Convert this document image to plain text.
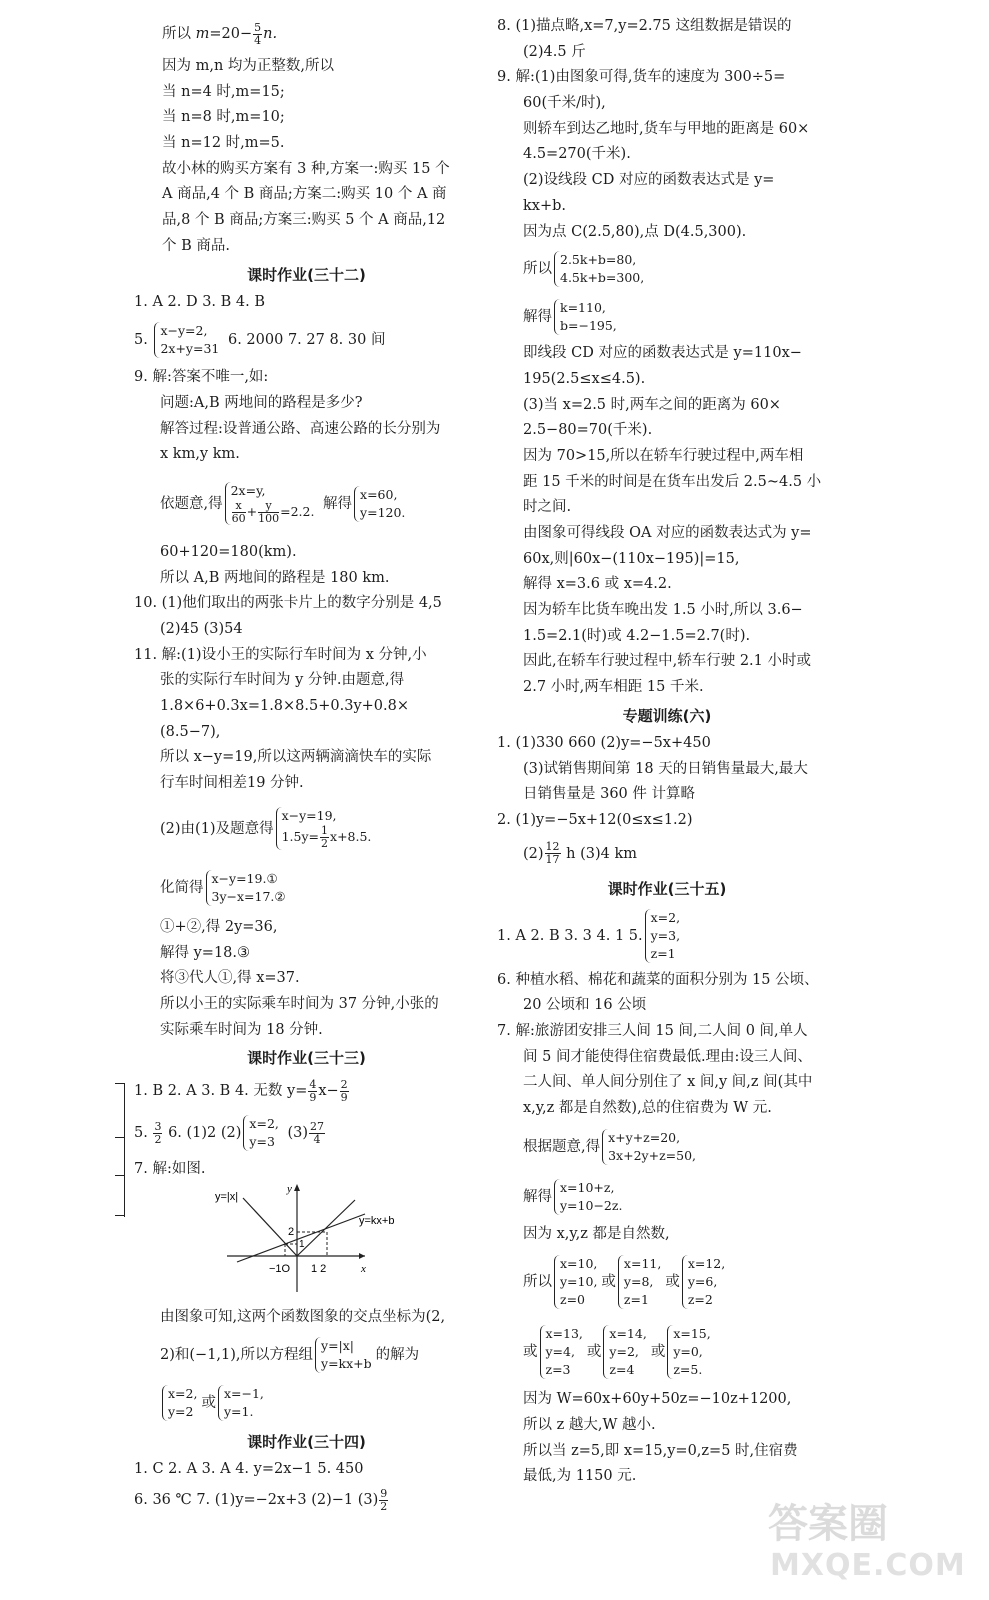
所以 $m=20- \frac{5}{4} n$.
因为 m,n 均为正整数,所以
当 n=4 时,m=15;
当 n=8 时,m=10;
当 n=12 时,m=5.
故小林的购买方案有 3 种,方案一:购买 15 个
A 商品,4 个 B 商品;方案二:购买 10 个 A 商
品,8 个 B 商品;方案三:购买 5 个 A 商品,12
个 B 商品.
课时作业(三十二)
1. A 2. D 3. B 4. B
5.
x−y=2,
2x+y=31
6. 2000 7. 27 8. 30 间
9. 解:答案不唯一,如:
问题:A,B 两地间的路程是多少?
解答过程:设普通公路、高速公路的长分别为
x km,y km.
依题意,得
2x=y,
$\frac{x}{60} + \frac{y}{100} =2.2$. 解得
x=60,
y=120.
60+120=180(km).
所以 A,B 两地间的路程是 180 km.
10. (1)他们取出的两张卡片上的数字分别是 4,5
(2)45 (3)54
11. 解:(1)设小王的实际行车时间为 x 分钟,小
张的实际行车时间为 y 分钟.由题意,得
1.8×6+0.3x=1.8×8.5+0.3y+0.8×
(8.5−7),
所以 x−y=19,所以这两辆滴滴快车的实际
行车时间相差19 分钟.
(2)由(1)及题意得
x−y=19,
$1.5y= \frac{1}{2} x+8.5$.
化简得
x−y=19.①
3y−x=17.②
①+②,得 2y=36,
解得 y=18.③
将③代人①,得 x=37.
所以小王的实际乘车时间为 37 分钟,小张的
实际乘车时间为 18 分钟.
课时作业(三十三)
1. B 2. A 3. B 4. 无数 $y= \frac{4}{9} x- \frac{2}{9}$
5. $\frac{3}{2} 6$. (1)2 (2)
x=2,
y=3
$(3) \frac{27}{4}$
7. 解:如图.
由图象可知,这两个函数图象的交点坐标为(2,
2)和(−1,1),所以方程组
y=|x|
y=kx+b
的解为
x=2,
y=2
或
x=−1,
y=1.
课时作业(三十四)
1. C 2. A 3. A 4. y=2x−1 5. 450
6. 36 ℃ 7. (1)y=−2x+3 (2)−1 $(3) \frac{9}{2}$
y=|x|
y
x
y=kx+b
2
1
−1O 1 2
8. (1)描点略,x=7,y=2.75 这组数据是错误的
(2)4.5 斤
9. 解:(1)由图象可得,货车的速度为 300÷5=
60(千米/时),
则轿车到达乙地时,货车与甲地的距离是 60×
4.5=270(千米).
(2)设线段 CD 对应的函数表达式是 y=
kx+b.
因为点 C(2.5,80),点 D(4.5,300).
所以
2.5k+b=80,
4.5k+b=300,
解得
k=110,
b=−195,
即线段 CD 对应的函数表达式是 y=110x−
195(2.5≤x≤4.5).
(3)当 x=2.5 时,两车之间的距离为 60×
2.5−80=70(千米).
因为 70>15,所以在轿车行驶过程中,两车相
距 15 千米的时间是在货车出发后 2.5~4.5 小
时之间.
由图象可得线段 OA 对应的函数表达式为 y=
60x,则|60x−(110x−195)|=15,
解得 x=3.6 或 x=4.2.
因为轿车比货车晚出发 1.5 小时,所以 3.6−
1.5=2.1(时)或 4.2−1.5=2.7(时).
因此,在轿车行驶过程中,轿车行驶 2.1 小时或
2.7 小时,两车相距 15 千米.
专题训练(六)
1. (1)330 660 (2)y=−5x+450
(3)试销售期间第 18 天的日销售量最大,最大
日销售量是 360 件 计算略
2. (1)y=−5x+12(0≤x≤1.2)
$(2) \frac{12}{17}$ h (3)4 km
课时作业(三十五)
1. A 2. B 3. 3 4. 1 5.
x=2,
y=3,
z=1
6. 种植水稻、棉花和蔬菜的面积分别为 15 公顷、
20 公顷和 16 公顷
7. 解:旅游团安排三人间 15 间,二人间 0 间,单人
间 5 间才能使得住宿费最低.理由:设三人间、
二人间、单人间分别住了 x 间,y 间,z 间(其中
x,y,z 都是自然数),总的住宿费为 W 元.
根据题意,得
x+y+z=20,
3x+2y+z=50,
解得
x=10+z,
y=10−2z.
因为 x,y,z 都是自然数,
所以
x=10,
y=10,
z=0
或
x=11,
y=8,
z=1
或
x=12,
y=6,
z=2
或
x=13,
y=4,
z=3
或
x=14,
y=2,
z=4
或
x=15,
y=0,
z=5.
因为 W=60x+60y+50z=−10z+1200,
所以 z 越大,W 越小.
所以当 z=5,即 x=15,y=0,z=5 时,住宿费
最低,为 1150 元.
答案圈
MXQE.COM
